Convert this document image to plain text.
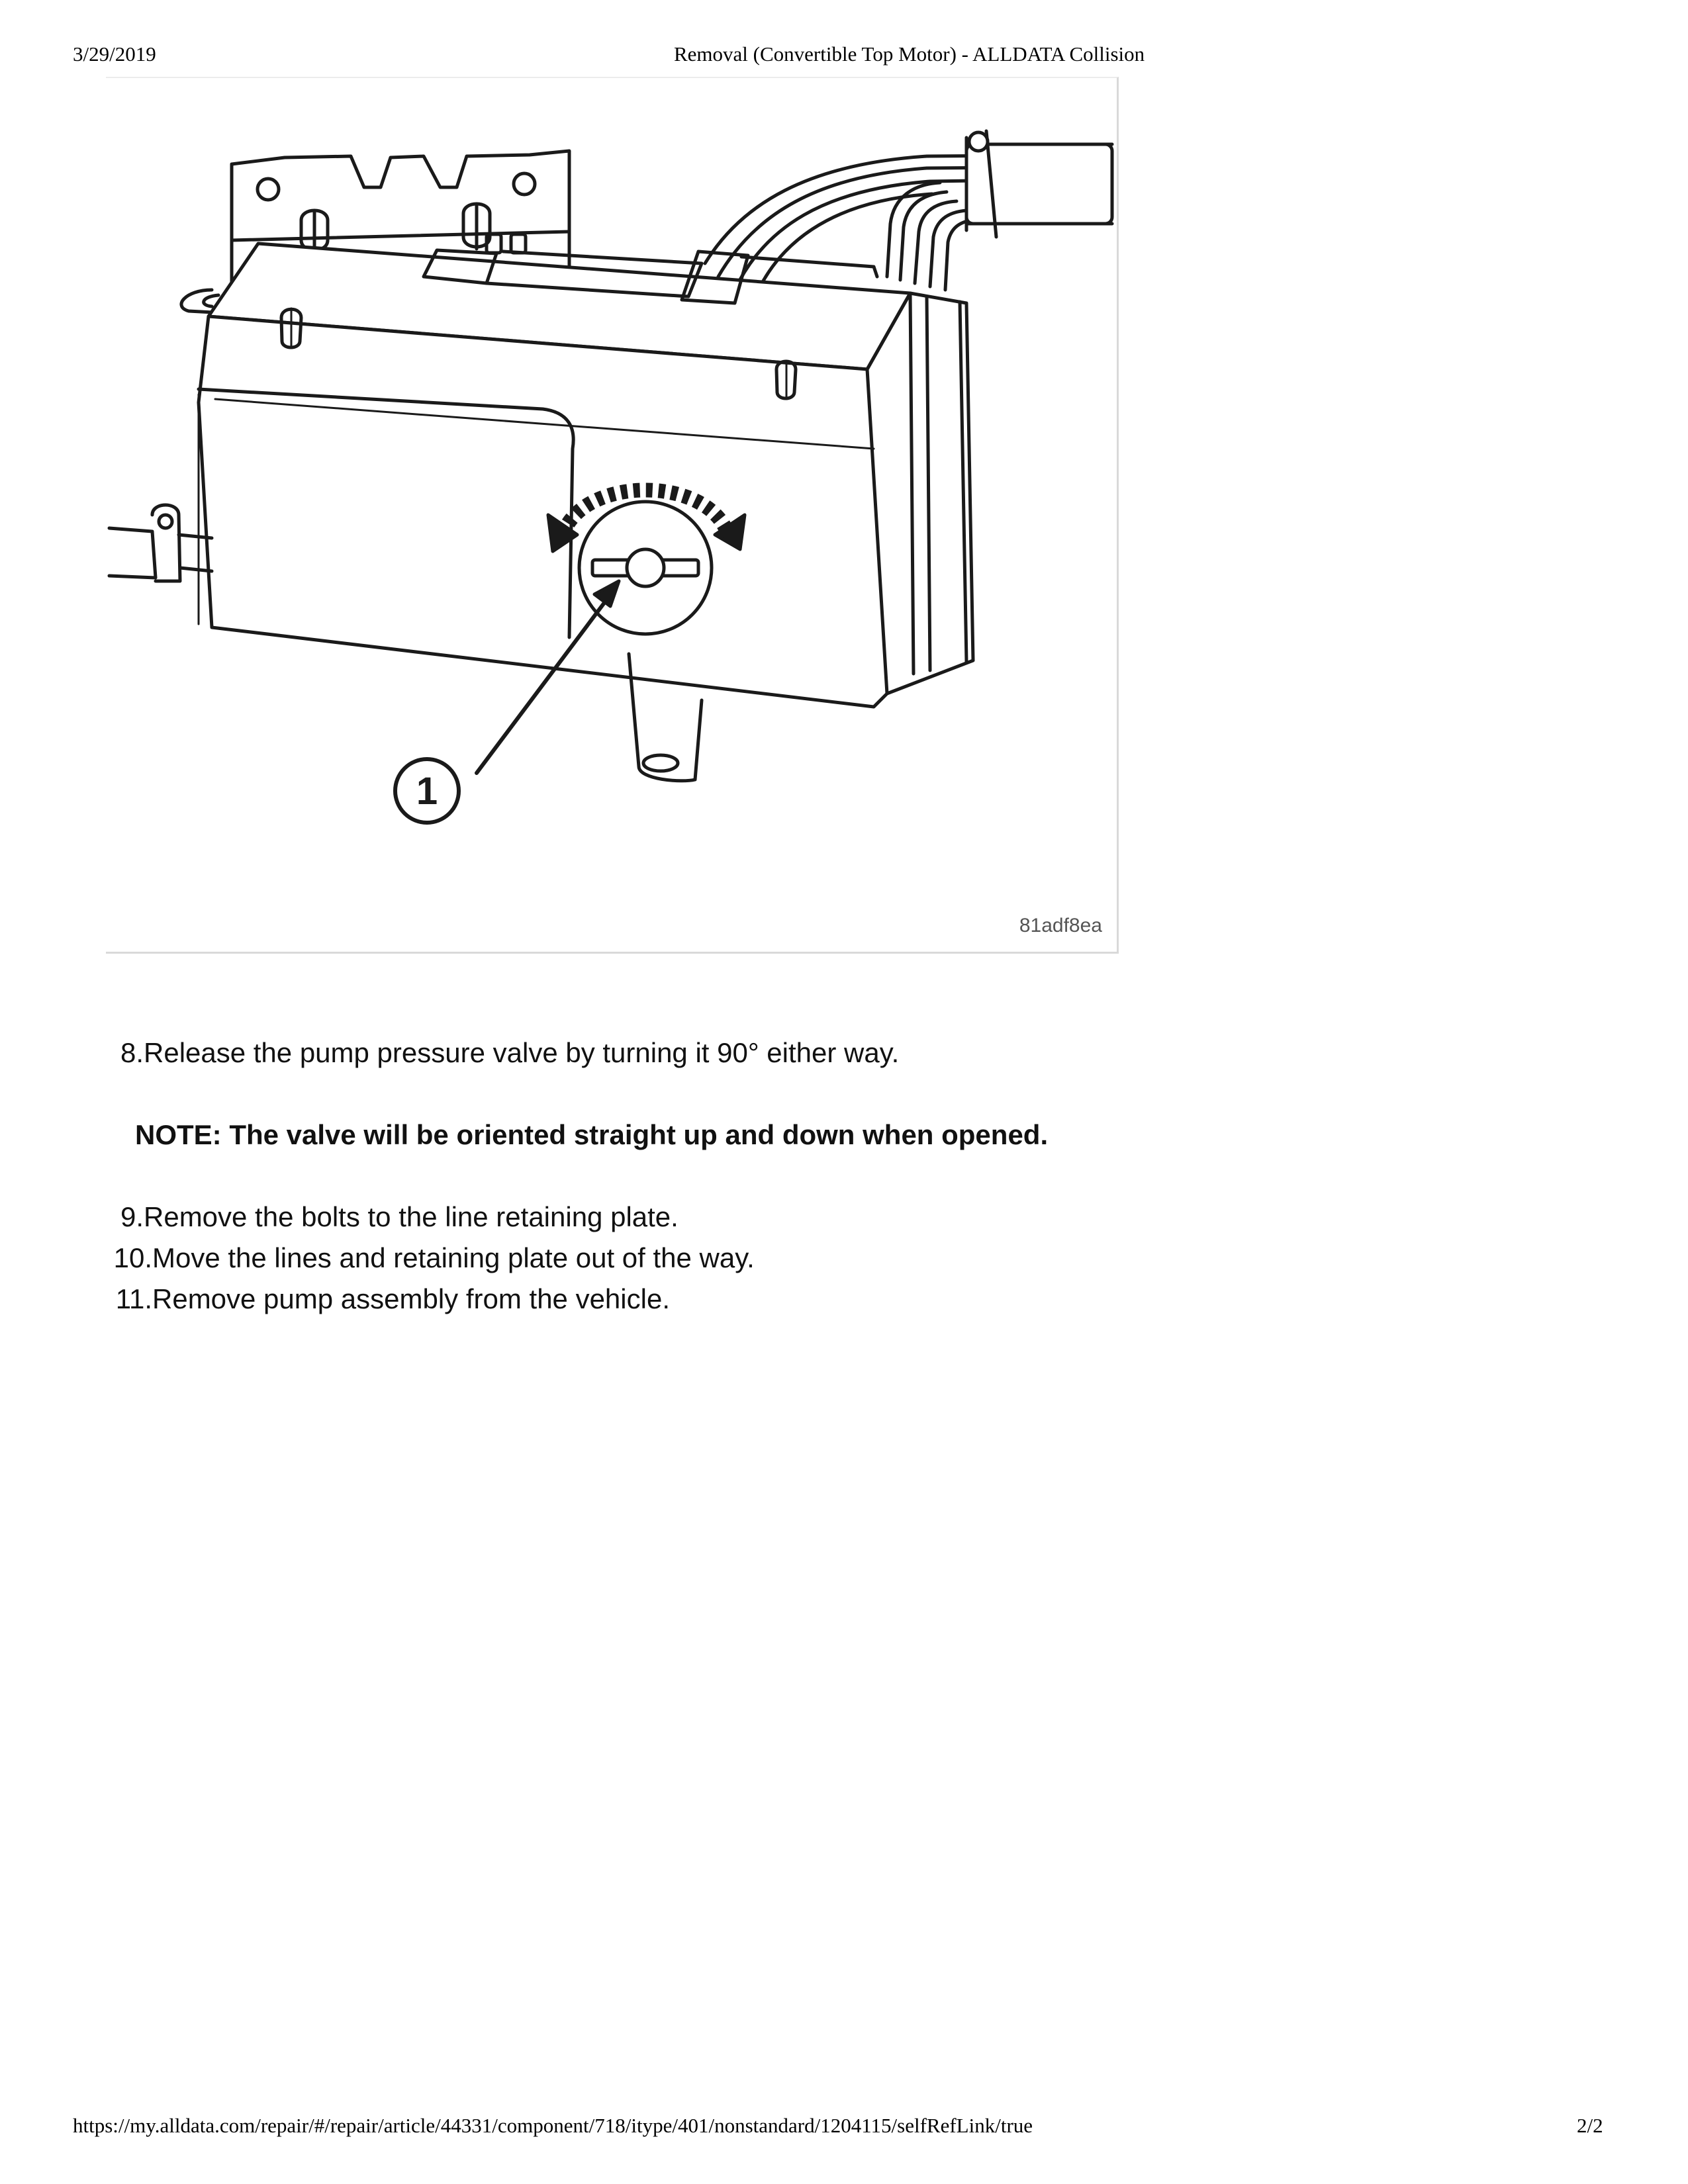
3/29/2019	Removal (Convertible Top Motor) - ALLDATA Collision
1
81adf8ea
8. Release the pump pressure valve by turning it 90° either way.
NOTE: The valve will be oriented straight up and down when opened.
9. Remove the bolts to the line retaining plate.
10. Move the lines and retaining plate out of the way.
11. Remove pump assembly from the vehicle.
https://my.alldata.com/repair/#/repair/article/44331/component/718/itype/401/nonstandard/1204115/selfRefLink/true	2/2
